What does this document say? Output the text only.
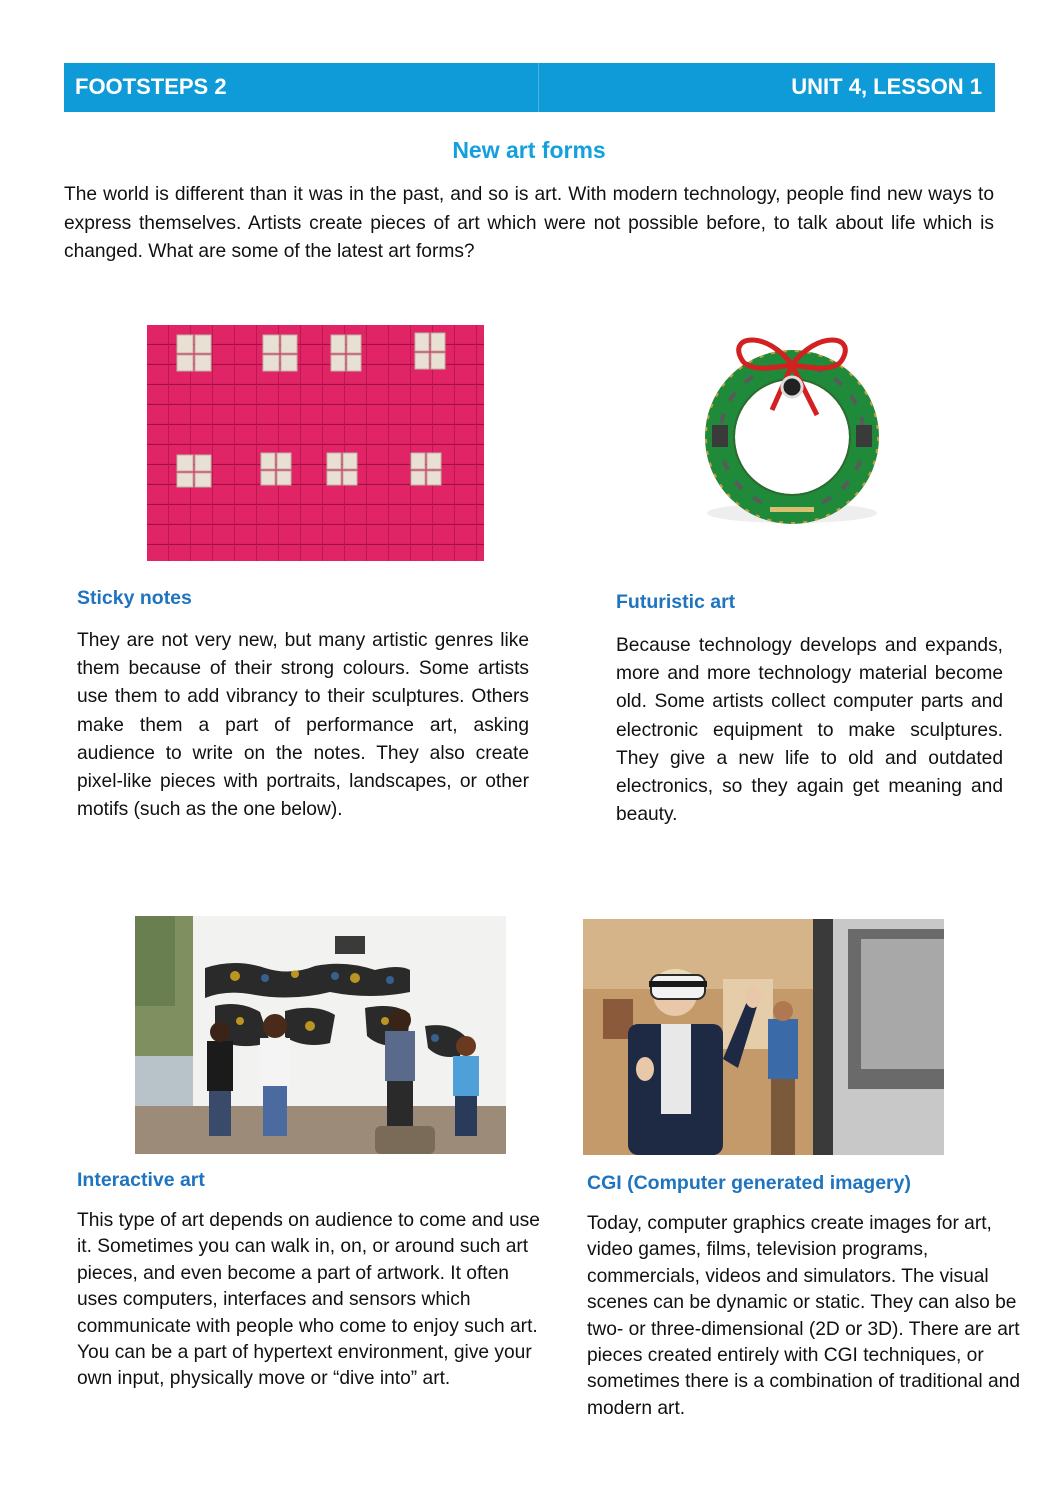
FOOTSTEPS 2	UNIT 4, LESSON 1
New art forms
The world is different than it was in the past, and so is art. With modern technology, people find new ways to express themselves. Artists create pieces of art which were not possible before, to talk about life which is changed. What are some of the latest art forms?
Sticky notes
They are not very new, but many artistic genres like them because of their strong colours. Some artists use them to add vibrancy to their sculptures. Others make them a part of performance art, asking audience to write on the notes. They also create pixel-like pieces with portraits, landscapes, or other motifs (such as the one below).
Futuristic art
Because technology develops and expands, more and more technology material become old. Some artists collect computer parts and electronic equipment to make sculptures. They give a new life to old and outdated electronics, so they again get meaning and beauty.
Interactive art
This type of art depends on audience to come and use it. Sometimes you can walk in, on, or around such art pieces, and even become a part of artwork. It often uses computers, interfaces and sensors which communicate with people who come to enjoy such art. You can be a part of hypertext environment, give your own input, physically move or “dive into” art.
CGI (Computer generated imagery)
Today, computer graphics create images for art, video games, films, television programs, commercials, videos and simulators. The visual scenes can be dynamic or static. They can also be two- or three-dimensional (2D or 3D). There are art pieces created entirely with CGI techniques, or sometimes there is a combination of traditional and modern art.
